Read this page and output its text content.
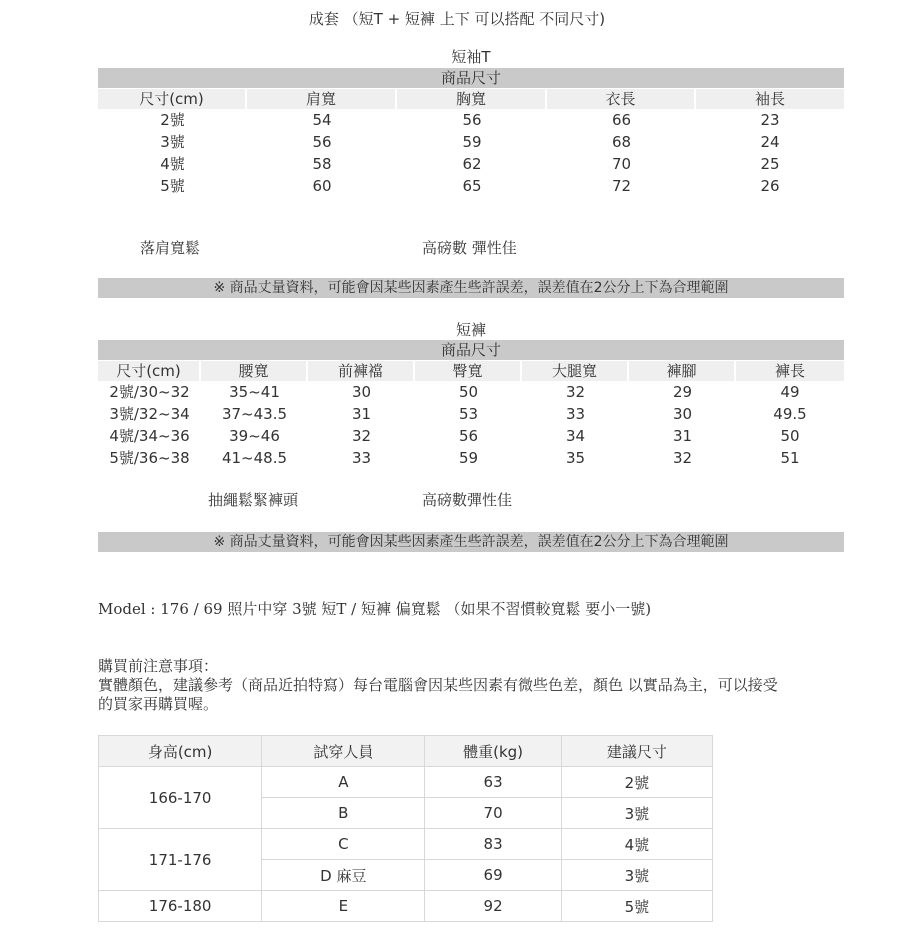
成套 （短T + 短褲 上下 可以搭配 不同尺寸)
短袖T
商品尺寸
尺寸(cm)	肩寬	胸寬	衣長	袖長
2號	54	56	66	23
3號	56	59	68	24
4號	58	62	70	25
5號	60	65	72	26
落肩寬鬆	高磅數 彈性佳
※ 商品丈量資料，可能會因某些因素產生些許誤差，誤差值在2公分上下為合理範圍
短褲
商品尺寸
尺寸(cm)	腰寬	前褲襠	臀寬	大腿寬	褲腳	褲長
2號/30~32	35~41	30	50	32	29	49
3號/32~34	37~43.5	31	53	33	30	49.5
4號/34~36	39~46	32	56	34	31	50
5號/36~38	41~48.5	33	59	35	32	51
抽繩鬆緊褲頭	高磅數彈性佳
※ 商品丈量資料，可能會因某些因素產生些許誤差，誤差值在2公分上下為合理範圍
Model : 176 / 69 照片中穿 3號 短T / 短褲 偏寬鬆 （如果不習慣較寬鬆 要小一號)
購買前注意事項：
實體顏色，建議參考（商品近拍特寫）每台電腦會因某些因素有微些色差，顏色 以實品為主，可以接受
的買家再購買喔。
身高(cm)	試穿人員	體重(kg)	建議尺寸
166-170	A	63	2號
	B	70	3號
171-176	C	83	4號
	D 麻豆	69	3號
176-180	E	92	5號
